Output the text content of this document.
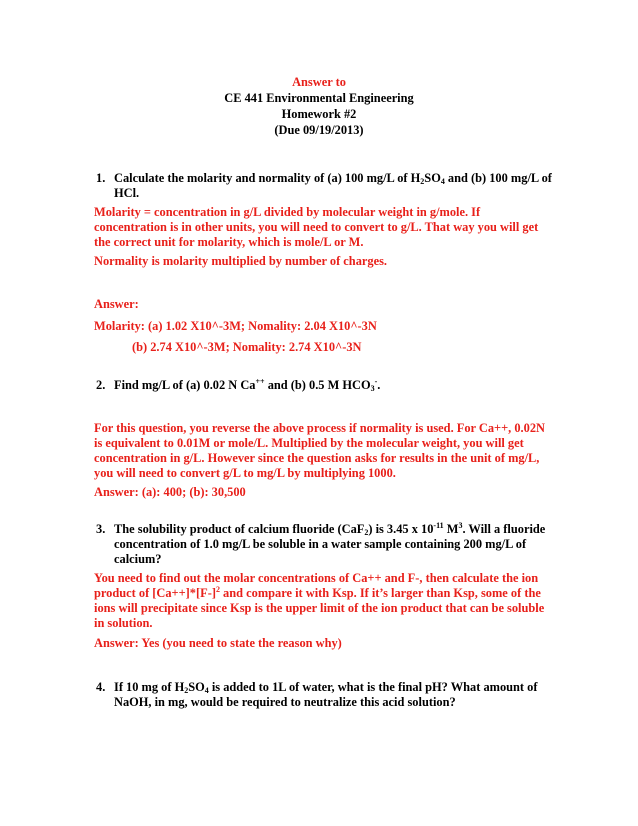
Answer to
CE 441 Environmental Engineering
Homework #2
(Due 09/19/2013)
1. Calculate the molarity and normality of (a) 100 mg/L of $H_2SO_4$ and (b) 100 mg/L of HCl.
Molarity = concentration in g/L divided by molecular weight in g/mole. If concentration is in other units, you will need to convert to g/L. That way you will get the correct unit for molarity, which is mole/L or M.
Normality is molarity multiplied by number of charges.
Answer:
Molarity: (a) 1.02 X10^-3M; Nomality: 2.04 X10^-3N
(b) 2.74 X10^-3M; Nomality: 2.74 X10^-3N
2. Find mg/L of (a) 0.02 N Ca++ and (b) 0.5 M $HCO_3^-$.
For this question, you reverse the above process if normality is used. For Ca++, 0.02N is equivalent to 0.01M or mole/L. Multiplied by the molecular weight, you will get concentration in g/L. However since the question asks for results in the unit of mg/L, you will need to convert g/L to mg/L by multiplying 1000.
Answer: (a): 400; (b): 30,500
3. The solubility product of calcium fluoride (CaF$_2$) is 3.45 x $10^{-11}$ $M^3$. Will a fluoride concentration of 1.0 mg/L be soluble in a water sample containing 200 mg/L of calcium?
You need to find out the molar concentrations of Ca++ and F-, then calculate the ion product of $[Ca++]*[F-]^2$ and compare it with Ksp. If it’s larger than Ksp, some of the ions will precipitate since Ksp is the upper limit of the ion product that can be soluble in solution.
Answer: Yes (you need to state the reason why)
4. If 10 mg of $H_2SO_4$ is added to 1L of water, what is the final pH? What amount of NaOH, in mg, would be required to neutralize this acid solution?
